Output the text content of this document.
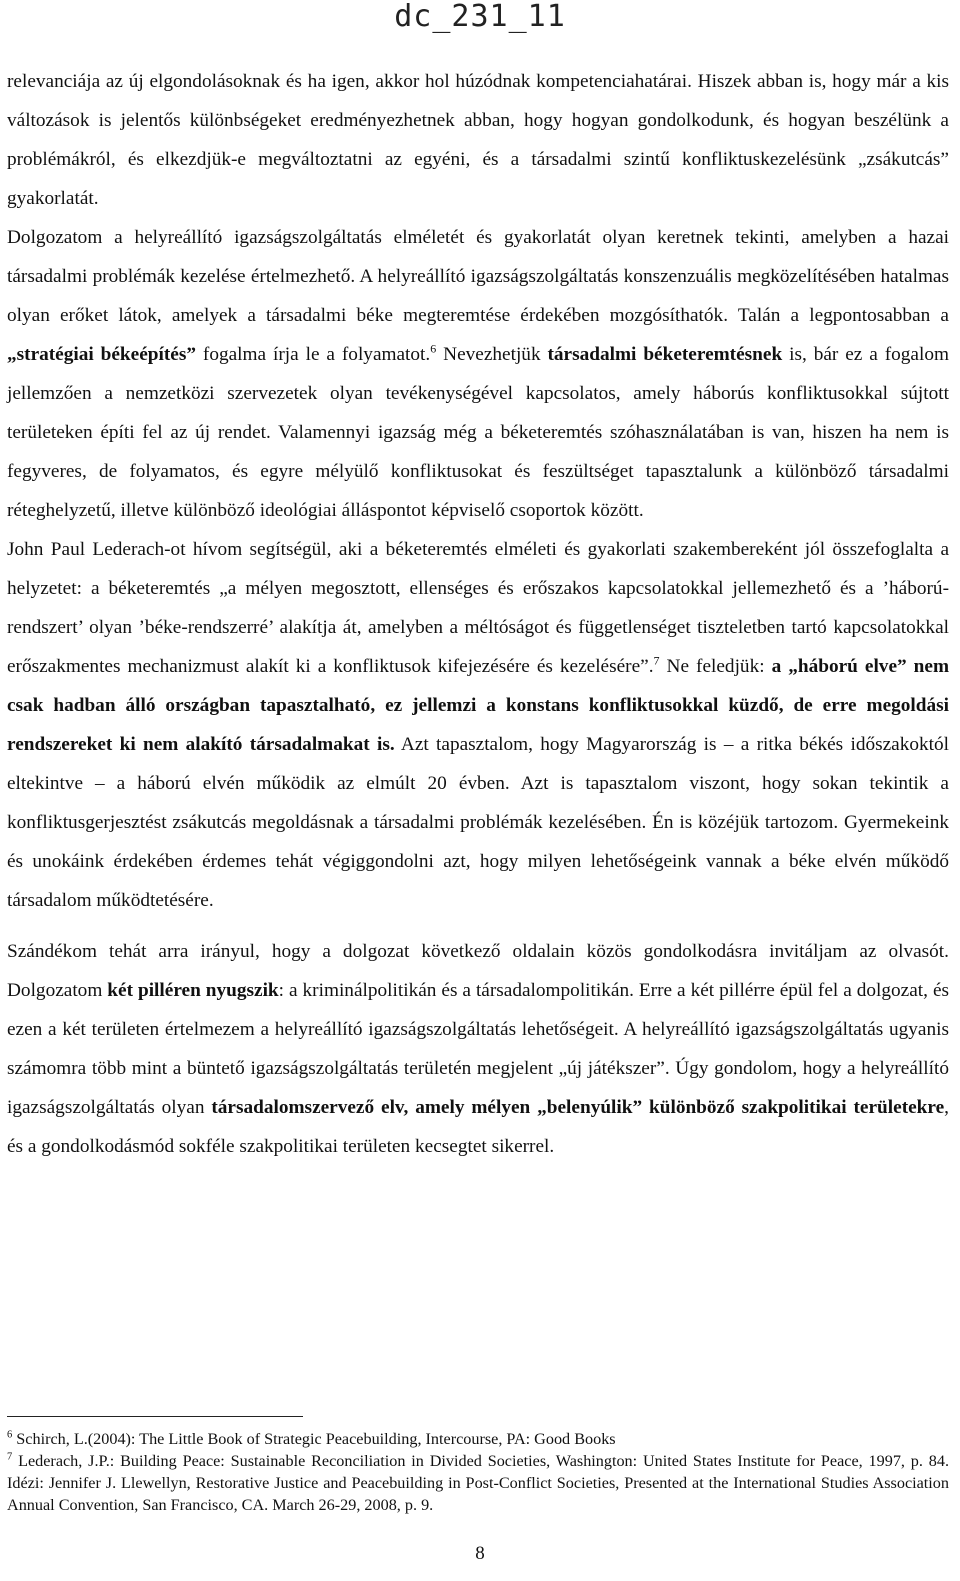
dc_231_11

relevanciája az új elgondolásoknak és ha igen, akkor hol húzódnak kompetenciahatárai. Hiszek abban is, hogy már a kis változások is jelentős különbségeket eredményezhetnek abban, hogy hogyan gondolkodunk, és hogyan beszélünk a problémákról, és elkezdjük-e megváltoztatni az egyéni, és a társadalmi szintű konfliktuskezelésünk „zsákutcás” gyakorlatát.

Dolgozatom a helyreállító igazságszolgáltatás elméletét és gyakorlatát olyan keretnek tekinti, amelyben a hazai társadalmi problémák kezelése értelmezhető. A helyreállító igazságszolgáltatás konszenzuális megközelítésében hatalmas olyan erőket látok, amelyek a társadalmi béke megteremtése érdekében mozgósíthatók. Talán a legpontosabban a „stratégiai békeépítés” fogalma írja le a folyamatot.$^6$ Nevezhetjük társadalmi béketeremtésnek is, bár ez a fogalom jellemzően a nemzetközi szervezetek olyan tevékenységével kapcsolatos, amely háborús konfliktusokkal sújtott területeken építi fel az új rendet. Valamennyi igazság még a béketeremtés szóhasználatában is van, hiszen ha nem is fegyveres, de folyamatos, és egyre mélyülő konfliktusokat és feszültséget tapasztalunk a különböző társadalmi réteghelyzetű, illetve különböző ideológiai álláspontot képviselő csoportok között.

John Paul Lederach-ot hívom segítségül, aki a béketeremtés elméleti és gyakorlati szakembereként jól összefoglalta a helyzetet: a béketeremtés „a mélyen megosztott, ellenséges és erőszakos kapcsolatokkal jellemezhető és a ’háború-rendszert’ olyan ’béke-rendszerré’ alakítja át, amelyben a méltóságot és függetlenséget tiszteletben tartó kapcsolatokkal erőszakmentes mechanizmust alakít ki a konfliktusok kifejezésére és kezelésére”.$^7$ Ne feledjük: a „háború elve” nem csak hadban álló országban tapasztalható, ez jellemzi a konstans konfliktusokkal küzdő, de erre megoldási rendszereket ki nem alakító társadalmakat is. Azt tapasztalom, hogy Magyarország is – a ritka békés időszakoktól eltekintve – a háború elvén működik az elmúlt 20 évben. Azt is tapasztalom viszont, hogy sokan tekintik a konfliktusgerjesztést zsákutcás megoldásnak a társadalmi problémák kezelésében. Én is közéjük tartozom. Gyermekeink és unokáink érdekében érdemes tehát végiggondolni azt, hogy milyen lehetőségeink vannak a béke elvén működő társadalom működtetésére.

Szándékom tehát arra irányul, hogy a dolgozat következő oldalain közös gondolkodásra invitáljam az olvasót. Dolgozatom két pilléren nyugszik: a kriminálpolitikán és a társadalompolitikán. Erre a két pillérre épül fel a dolgozat, és ezen a két területen értelmezem a helyreállító igazságszolgáltatás lehetőségeit. A helyreállító igazságszolgáltatás ugyanis számomra több mint a büntető igazságszolgáltatás területén megjelent „új játékszer”. Úgy gondolom, hogy a helyreállító igazságszolgáltatás olyan társadalomszervező elv, amely mélyen „belenyúlik” különböző szakpolitikai területekre, és a gondolkodásmód sokféle szakpolitikai területen kecsegtet sikerrel.

$^6$ Schirch, L.(2004): The Little Book of Strategic Peacebuilding, Intercourse, PA: Good Books

$^7$ Lederach, J.P.: Building Peace: Sustainable Reconciliation in Divided Societies, Washington: United States Institute for Peace, 1997, p. 84. Idézi: Jennifer J. Llewellyn, Restorative Justice and Peacebuilding in Post-Conflict Societies, Presented at the International Studies Association Annual Convention, San Francisco, CA. March 26-29, 2008, p. 9.

8
